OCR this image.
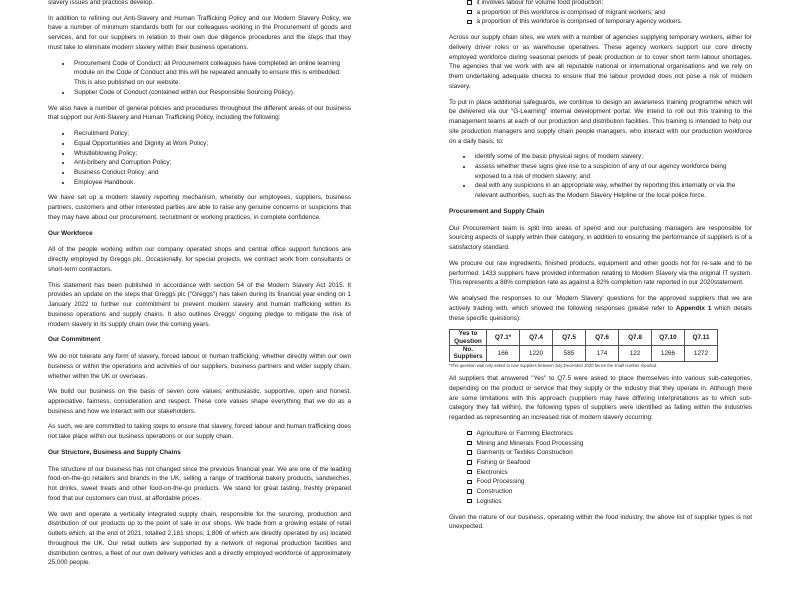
slavery issues and practices develop.

In addition to refining our Anti-Slavery and Human Trafficking Policy and our Modern Slavery Policy, we have a number of minimum standards both for our colleagues working in the Procurement of goods and services, and for our suppliers in relation to their own due diligence procedures and the steps that they must take to eliminate modern slavery within their business operations.

• Procurement Code of Conduct; all Procurement colleagues have completed an online learning module on the Code of Conduct and this will be repeated annually to ensure this is embedded. This is also published on our website.
• Supplier Code of Conduct (contained within our Responsible Sourcing Policy).

We also have a number of general policies and procedures throughout the different areas of our business that support our Anti-Slavery and Human Trafficking Policy, including the following:

• Recruitment Policy;
• Equal Opportunities and Dignity at Work Policy;
• Whistleblowing Policy;
• Anti-bribery and Corruption Policy;
• Business Conduct Policy; and
• Employee Handbook.

We have set up a modern slavery reporting mechanism, whereby our employees, suppliers, business partners, customers and other interested parties are able to raise any genuine concerns or suspicions that they may have about our procurement, recruitment or working practices, in complete confidence.

Our Workforce

All of the people working within our company operated shops and central office support functions are directly employed by Greggs plc. Occasionally, for special projects, we contract work from consultants or short-term contractors.

This statement has been published in accordance with section 54 of the Modern Slavery Act 2015. It provides an update on the steps that Greggs plc ("Greggs") has taken during its financial year ending on 1 January 2022 to further our commitment to prevent modern slavery and human trafficking within its business operations and supply chains. It also outlines Greggs' ongoing pledge to mitigate the risk of modern slavery in its supply chain over the coming years.

Our Commitment

We do not tolerate any form of slavery, forced labour or human trafficking; whether directly within our own business or within the operations and activities of our suppliers, business partners and wider supply chain, whether within the UK or overseas.

We build our business on the basis of seven core values; enthusiastic, supportive, open and honest, appreciative, fairness, consideration and respect. These core values shape everything that we do as a business and how we interact with our stakeholders.

As such, we are committed to taking steps to ensure that slavery, forced labour and human trafficking does not take place within our business operations or our supply chain.

Our Structure, Business and Supply Chains

The structure of our business has not changed since the previous financial year. We are one of the leading food-on-the-go retailers and brands in the UK, selling a range of traditional bakery products, sandwiches, hot drinks, sweet treats and other food-on-the-go products. We stand for great tasting, freshly prepared food that our customers can trust, at affordable prices.

We own and operate a vertically integrated supply chain, responsible for the sourcing, production and distribution of our products up to the point of sale in our shops. We trade from a growing estate of retail outlets which, at the end of 2021, totalled 2,181 shops; 1,806 of which are directly operated by us) located throughout the UK. Our retail outlets are supported by a network of regional production facilities and distribution centres, a fleet of our own delivery vehicles and a directly employed workforce of approximately 25,000 people.

it involves labour for volume food production;
a proportion of this workforce is comprised of migrant workers; and
a proportion of this workforce is comprised of temporary agency workers.

Across our supply chain sites, we work with a number of agencies supplying temporary workers, either for delivery driver roles or as warehouse operatives. These agency workers support our core directly employed workforce during seasonal periods of peak production or to cover short term labour shortages. The agencies that we work with are all reputable national or international organisations and we rely on them undertaking adequate checks to ensure that the labour provided does not pose a risk of modern slavery.

To put in place additional safeguards, we continue to design an awareness training programme which will be delivered via our "G-Learning" internal development portal. We intend to roll out this training to the management teams at each of our production and distribution facilities. This training is intended to help our site production managers and supply chain people managers, who interact with our production workforce on a daily basis, to:

• identify some of the basic physical signs of modern slavery;
• assess whether these signs give rise to a suspicion of any of our agency workforce being exposed to a risk of modern slavery; and
• deal with any suspicions in an appropriate way, whether by reporting this internally or via the relevant authorities, such as the Modern Slavery Helpline or the local police force.
Procurement and Supply Chain

Our Procurement team is split into areas of spend and our purchasing managers are responsible for sourcing aspects of supply within their category, in addition to ensuring the performance of suppliers is of a satisfactory standard.

We procure our raw ingredients, finished products, equipment and other goods not for re-sale and to be performed. 1433 suppliers have provided information relating to Modern Slavery via the original IT system. This represents a 88% completion rate as against a 82% completion rate reported in our 2020statement.

We analysed the responses to our 'Modern Slavery' questions for the approved suppliers that we are actively trading with, which showed the following responses (please refer to Appendix 1 which details these specific questions):

Yes to Question	Q7.1*	Q7.4	Q7.5	Q7.6	Q7.8	Q7.10	Q7.11
No. Suppliers	166	1220	585	174	122	1266	1272
*This question was only asked to new suppliers between July-December 2020 hence the small number reported.

All suppliers that answered "Yes" to Q7.5 were asked to place themselves into various sub-categories, depending on the product or service that they supply or the industry that they operate in. Although there are some limitations with this approach (suppliers may have differing interpretations as to which sub-category they fall within), the following types of suppliers were identified as falling within the industries regarded as representing an increased risk of modern slavery occurring:

Agriculture or Farming Electronics
Mining and Minerals Food Processing
Garments or Textiles Construction
Fishing or Seafood
Electronics
Food Processing
Construction
Logistics

Given the nature of our business, operating within the food industry, the above list of supplier types is not unexpected.
